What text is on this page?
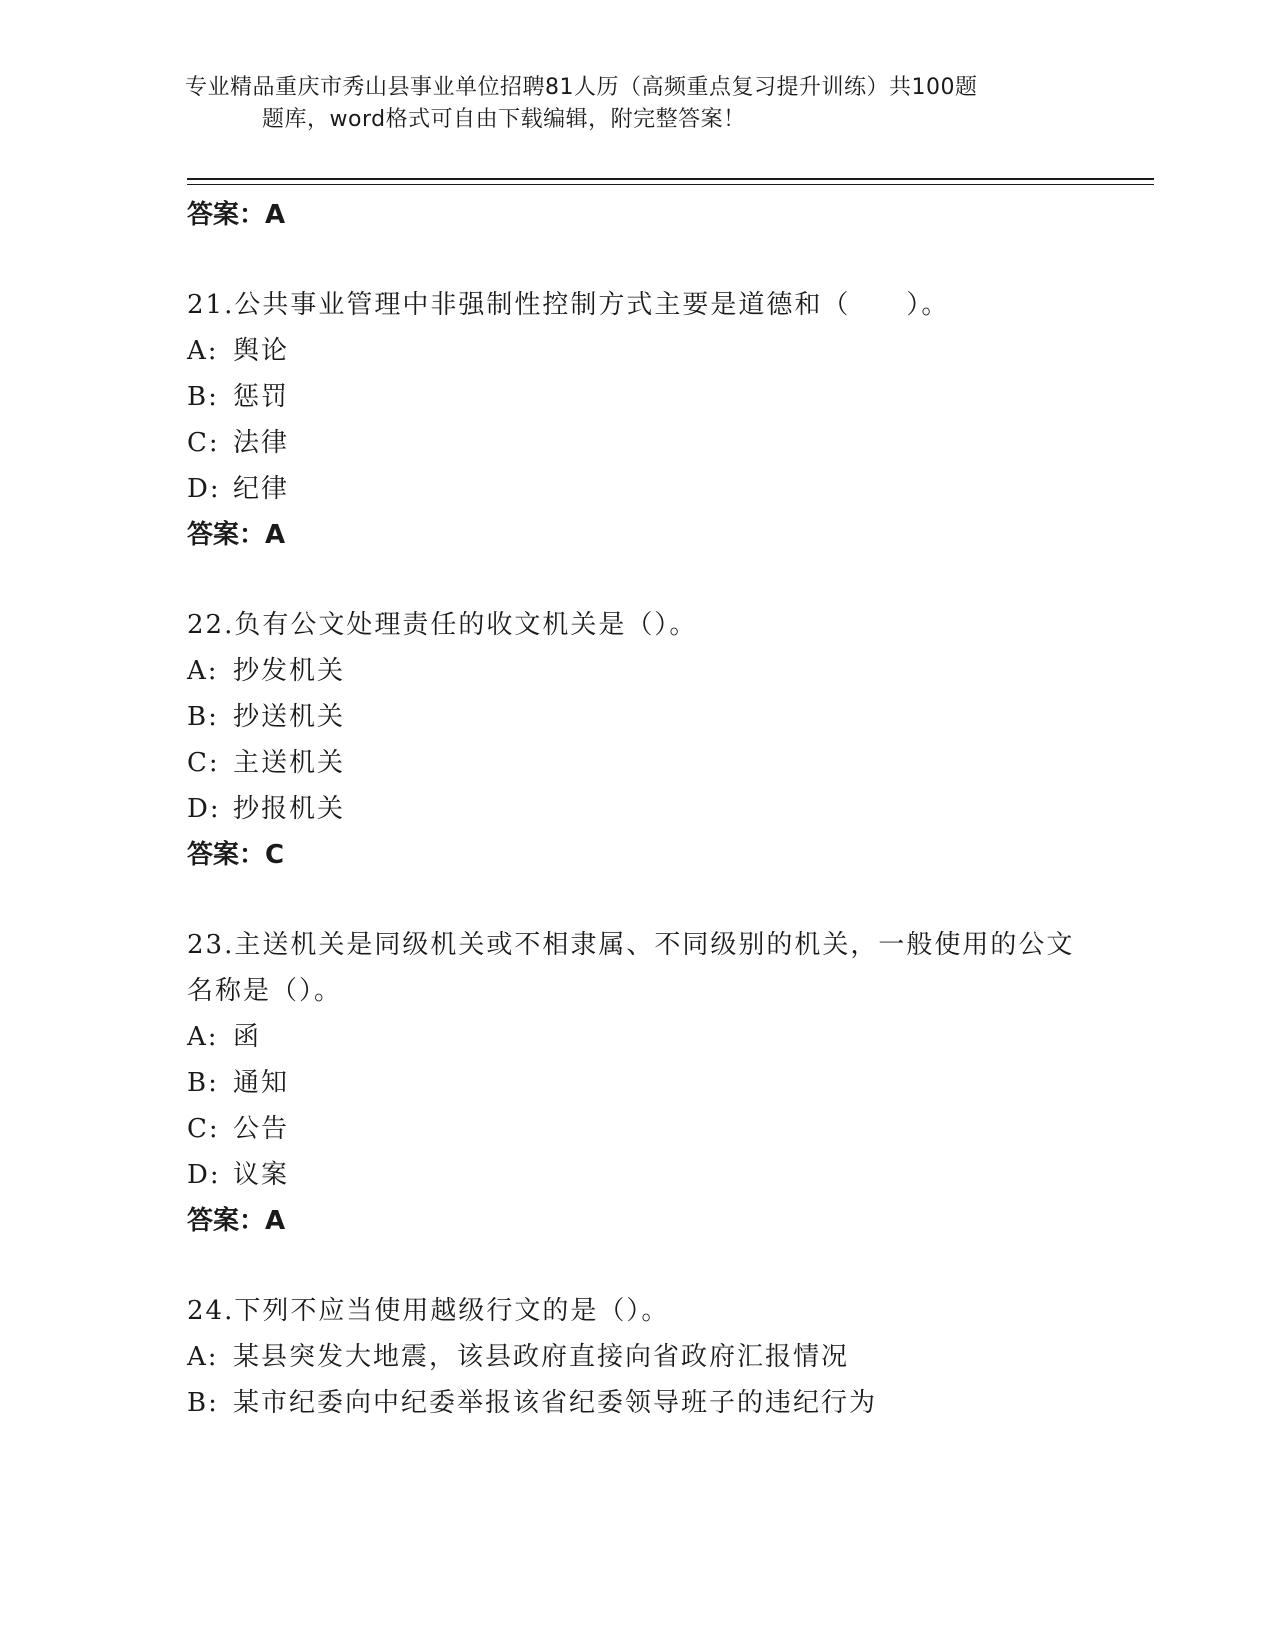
专业精品重庆市秀山县事业单位招聘81人历（高频重点复习提升训练）共100题
题库，word格式可自由下载编辑，附完整答案！
答案：A
21.公共事业管理中非强制性控制方式主要是道德和（　　）。
A: 舆论
B: 惩罚
C: 法律
D: 纪律
答案：A
22.负有公文处理责任的收文机关是（）。
A: 抄发机关
B: 抄送机关
C: 主送机关
D: 抄报机关
答案：C
23.主送机关是同级机关或不相隶属、不同级别的机关，一般使用的公文名称是（）。
A: 函
B: 通知
C: 公告
D: 议案
答案：A
24.下列不应当使用越级行文的是（）。
A: 某县突发大地震，该县政府直接向省政府汇报情况
B: 某市纪委向中纪委举报该省纪委领导班子的违纪行为
